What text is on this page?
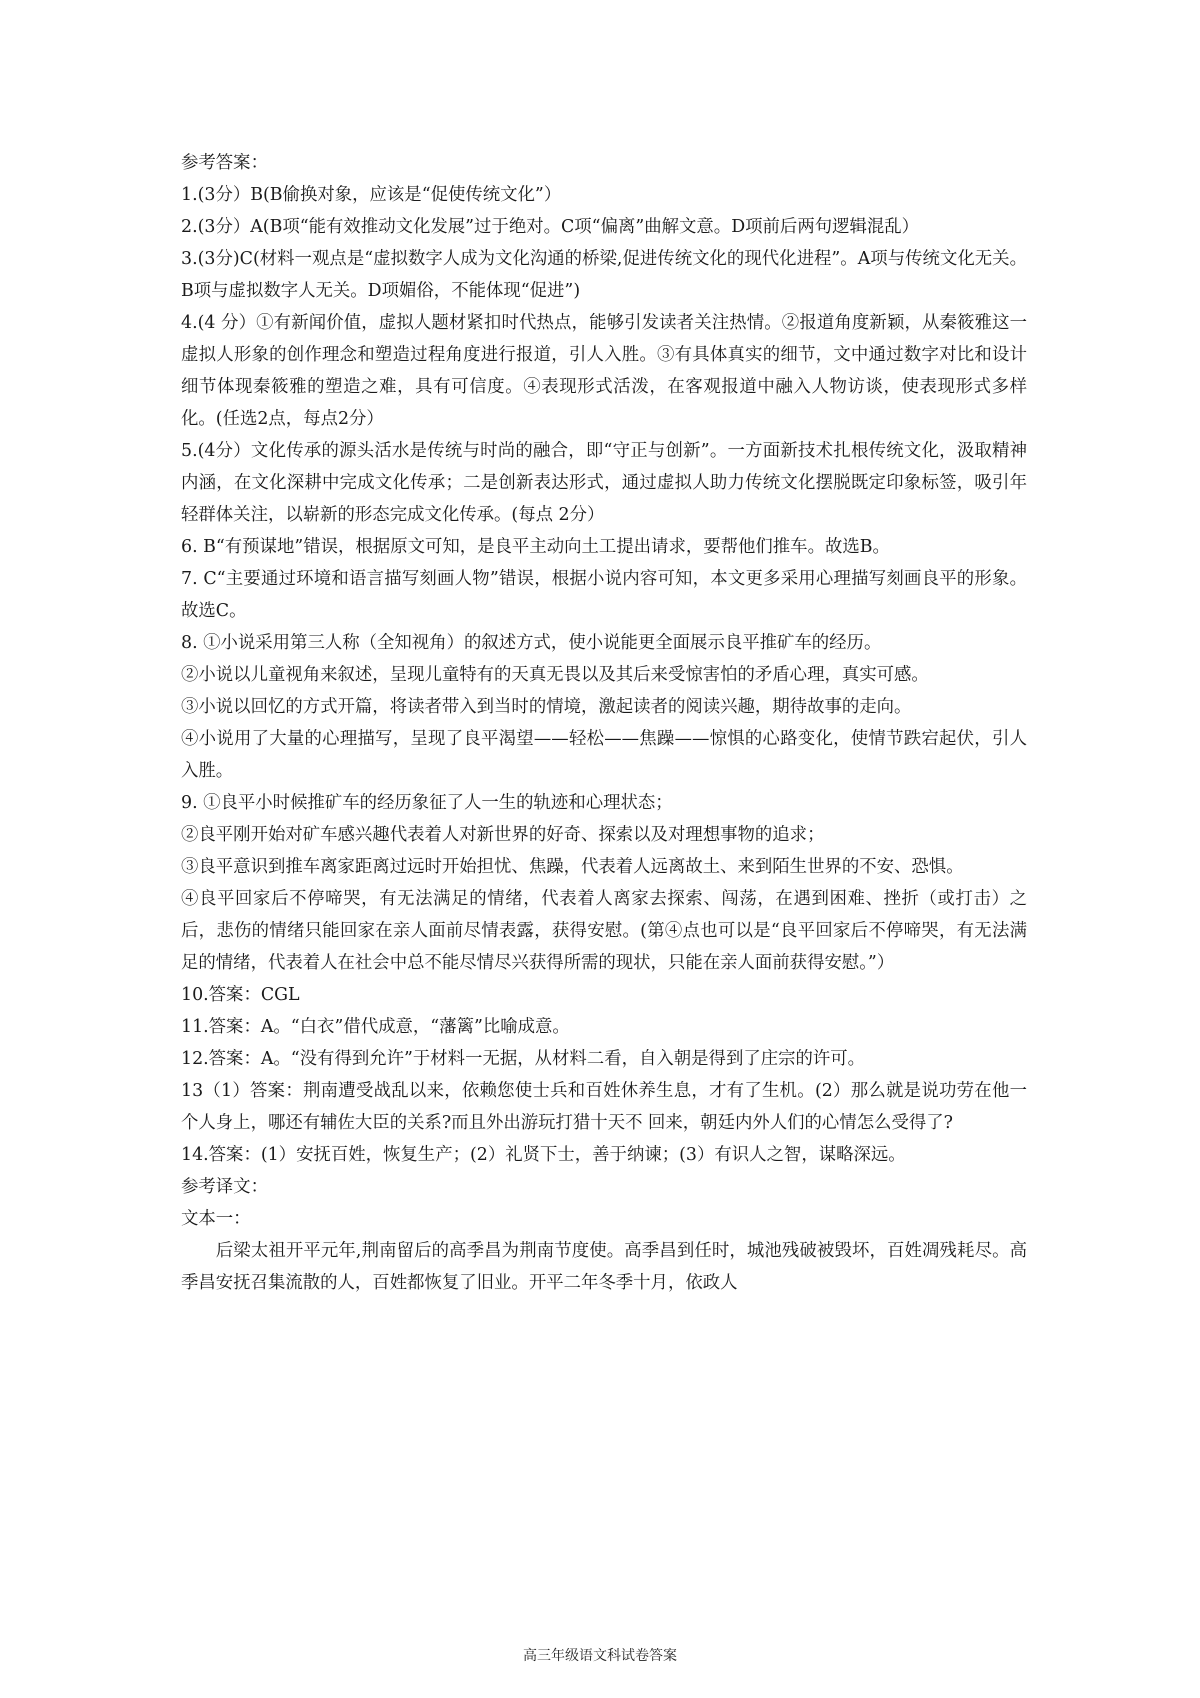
参考答案：

1.(3分）B(B偷换对象，应该是“促使传统文化”）

2.(3分）A(B项“能有效推动文化发展”过于绝对。C项“偏离”曲解文意。D项前后两句逻辑混乱）

3.(3分)C(材料一观点是“虚拟数字人成为文化沟通的桥梁,促进传统文化的现代化进程”。A项与传统文化无关。B项与虚拟数字人无关。D项媚俗，不能体现“促进”)

4.(4 分）①有新闻价值，虚拟人题材紧扣时代热点，能够引发读者关注热情。②报道角度新颖，从秦筱雅这一虚拟人形象的创作理念和塑造过程角度进行报道，引人入胜。③有具体真实的细节，文中通过数字对比和设计细节体现秦筱雅的塑造之难，具有可信度。④表现形式活泼，在客观报道中融入人物访谈，使表现形式多样化。(任选2点，每点2分）

5.(4分）文化传承的源头活水是传统与时尚的融合，即“守正与创新”。一方面新技术扎根传统文化，汲取精神内涵，在文化深耕中完成文化传承；二是创新表达形式，通过虚拟人助力传统文化摆脱既定印象标签，吸引年轻群体关注，以崭新的形态完成文化传承。(每点 2分）

6. B“有预谋地”错误，根据原文可知，是良平主动向土工提出请求，要帮他们推车。故选B。

7. C“主要通过环境和语言描写刻画人物”错误，根据小说内容可知，本文更多采用心理描写刻画良平的形象。故选C。

8. ①小说采用第三人称（全知视角）的叙述方式，使小说能更全面展示良平推矿车的经历。

②小说以儿童视角来叙述，呈现儿童特有的天真无畏以及其后来受惊害怕的矛盾心理，真实可感。

③小说以回忆的方式开篇，将读者带入到当时的情境，激起读者的阅读兴趣，期待故事的走向。

④小说用了大量的心理描写，呈现了良平渴望——轻松——焦躁——惊惧的心路变化，使情节跌宕起伏，引人入胜。

9. ①良平小时候推矿车的经历象征了人一生的轨迹和心理状态；

②良平刚开始对矿车感兴趣代表着人对新世界的好奇、探索以及对理想事物的追求；

③良平意识到推车离家距离过远时开始担忧、焦躁，代表着人远离故土、来到陌生世界的不安、恐惧。

④良平回家后不停啼哭，有无法满足的情绪，代表着人离家去探索、闯荡，在遇到困难、挫折（或打击）之后，悲伤的情绪只能回家在亲人面前尽情表露，获得安慰。(第④点也可以是“良平回家后不停啼哭，有无法满足的情绪，代表着人在社会中总不能尽情尽兴获得所需的现状，只能在亲人面前获得安慰。”）

10.答案：CGL

11.答案：A。“白衣”借代成意，“藩篱”比喻成意。

12.答案：A。“没有得到允许”于材料一无据，从材料二看，自入朝是得到了庄宗的许可。

13（1）答案：荆南遭受战乱以来，依赖您使士兵和百姓休养生息，才有了生机。(2）那么就是说功劳在他一个人身上，哪还有辅佐大臣的关系?而且外出游玩打猎十天不 回来，朝廷内外人们的心情怎么受得了?

14.答案：(1）安抚百姓，恢复生产；(2）礼贤下士，善于纳谏；(3）有识人之智，谋略深远。

参考译文：

文本一：

后梁太祖开平元年,荆南留后的高季昌为荆南节度使。高季昌到任时，城池残破被毁坏，百姓凋残耗尽。高季昌安抚召集流散的人，百姓都恢复了旧业。开平二年冬季十月，依政人

高三年级语文科试卷答案
